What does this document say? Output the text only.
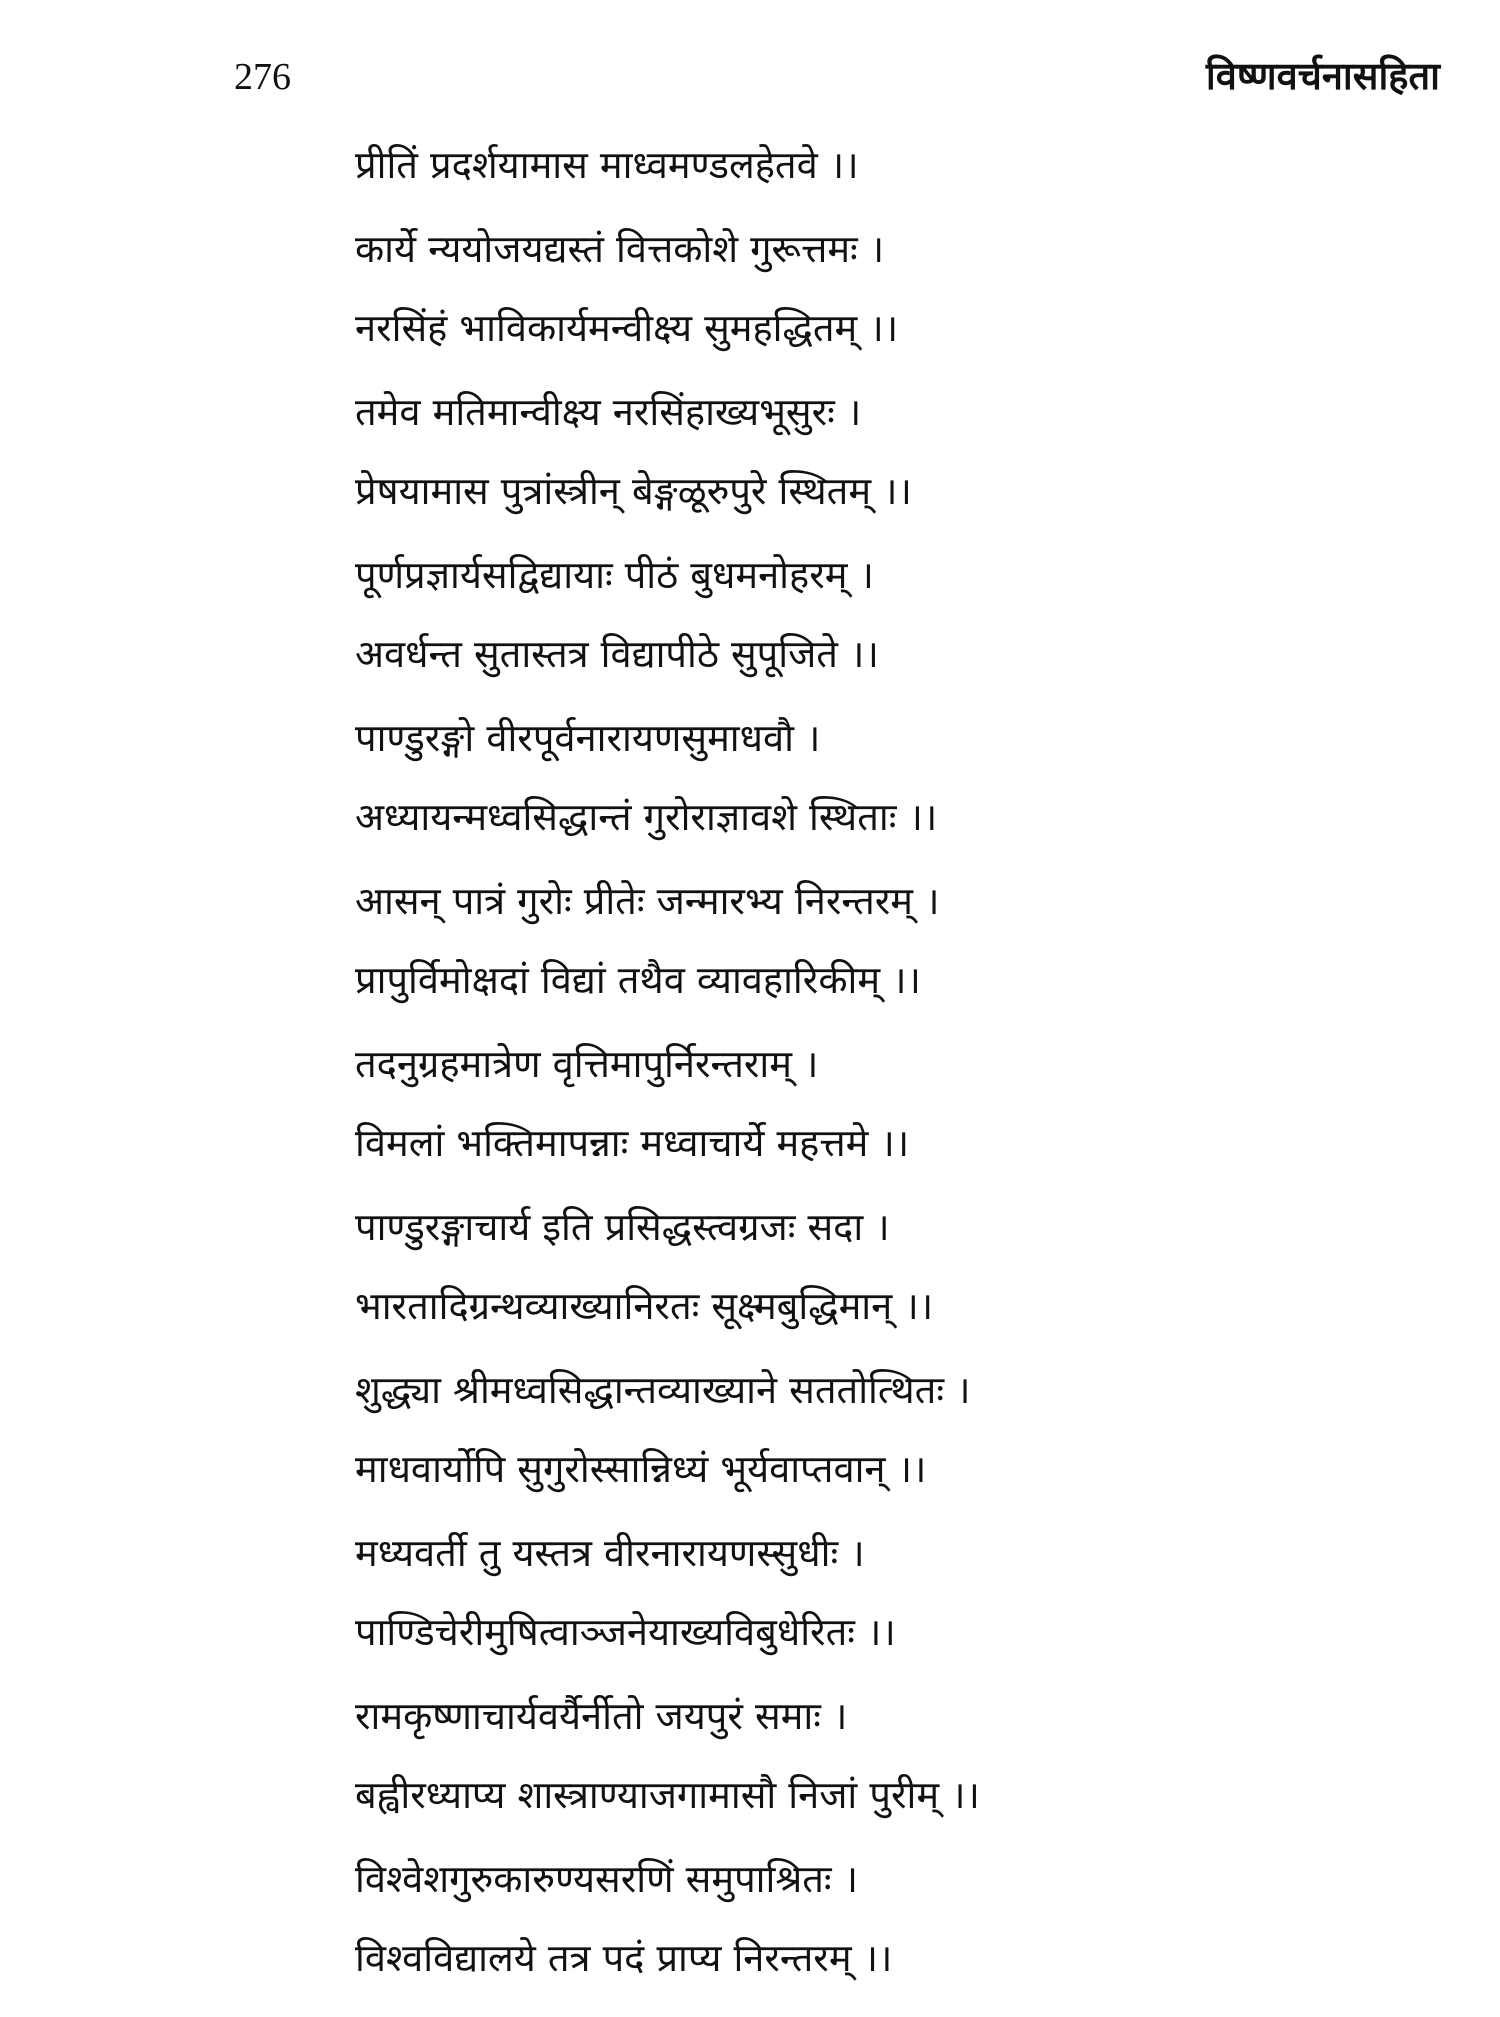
276	विष्णवर्चनासहिता
प्रीतिं प्रदर्शयामास माध्वमण्डलहेतवे ।।
कार्ये न्ययोजयद्यस्तं वित्तकोशे गुरूत्तमः ।
नरसिंहं भाविकार्यमन्वीक्ष्य सुमहद्धितम् ।।
तमेव मतिमान्वीक्ष्य नरसिंहाख्यभूसुरः ।
प्रेषयामास पुत्रांस्त्रीन् बेङ्गळूरुपुरे स्थितम् ।।
पूर्णप्रज्ञार्यसद्विद्यायाः पीठं बुधमनोहरम् ।
अवर्धन्त सुतास्तत्र विद्यापीठे सुपूजिते ।।
पाण्डुरङ्गो वीरपूर्वनारायणसुमाधवौ ।
अध्यायन्मध्वसिद्धान्तं गुरोराज्ञावशे स्थिताः ।।
आसन् पात्रं गुरोः प्रीतेः जन्मारभ्य निरन्तरम् ।
प्रापुर्विमोक्षदां विद्यां तथैव व्यावहारिकीम् ।।
तदनुग्रहमात्रेण वृत्तिमापुर्निरन्तराम् ।
विमलां भक्तिमापन्नाः मध्वाचार्ये महत्तमे ।।
पाण्डुरङ्गाचार्य इति प्रसिद्धस्त्वग्रजः सदा ।
भारतादिग्रन्थव्याख्यानिरतः सूक्ष्मबुद्धिमान् ।।
शुद्ध्या श्रीमध्वसिद्धान्तव्याख्याने सततोत्थितः ।
माधवार्योपि सुगुरोस्सान्निध्यं भूर्यवाप्तवान् ।।
मध्यवर्ती तु यस्तत्र वीरनारायणस्सुधीः ।
पाण्डिचेरीमुषित्वाञ्जनेयाख्यविबुधेरितः ।।
रामकृष्णाचार्यवर्यैर्नीतो जयपुरं समाः ।
बह्वीरध्याप्य शास्त्राण्याजगामासौ निजां पुरीम् ।।
विश्वेशगुरुकारुण्यसरणिं समुपाश्रितः ।
विश्वविद्यालये तत्र पदं प्राप्य निरन्तरम् ।।
